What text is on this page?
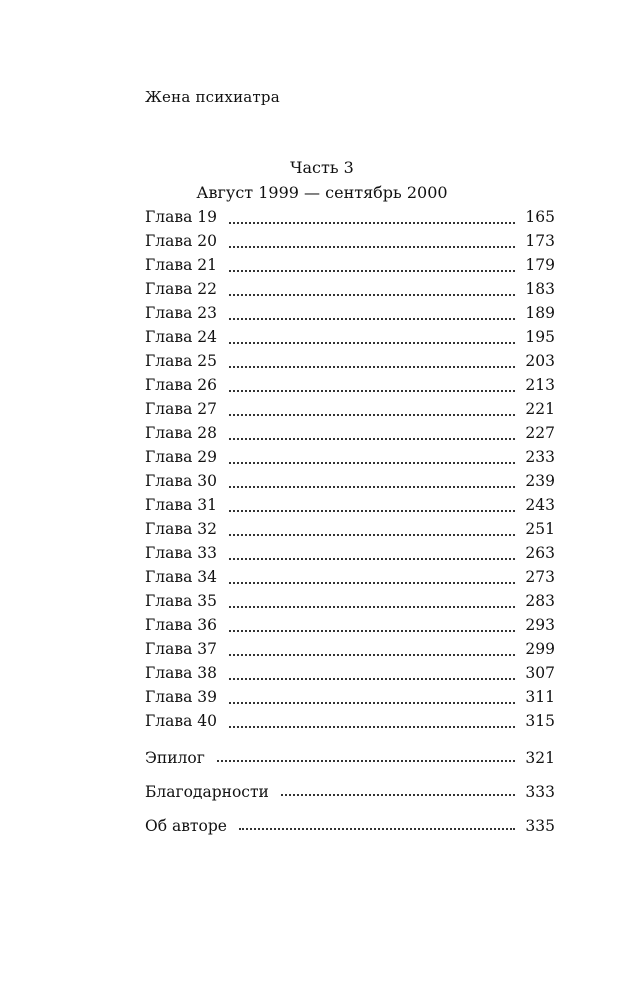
Жена психиатра
Часть 3
Август 1999 — сентябрь 2000
Глава 19	165
Глава 20	173
Глава 21	179
Глава 22	183
Глава 23	189
Глава 24	195
Глава 25	203
Глава 26	213
Глава 27	221
Глава 28	227
Глава 29	233
Глава 30	239
Глава 31	243
Глава 32	251
Глава 33	263
Глава 34	273
Глава 35	283
Глава 36	293
Глава 37	299
Глава 38	307
Глава 39	311
Глава 40	315
Эпилог	321
Благодарности	333
Об авторе	335
